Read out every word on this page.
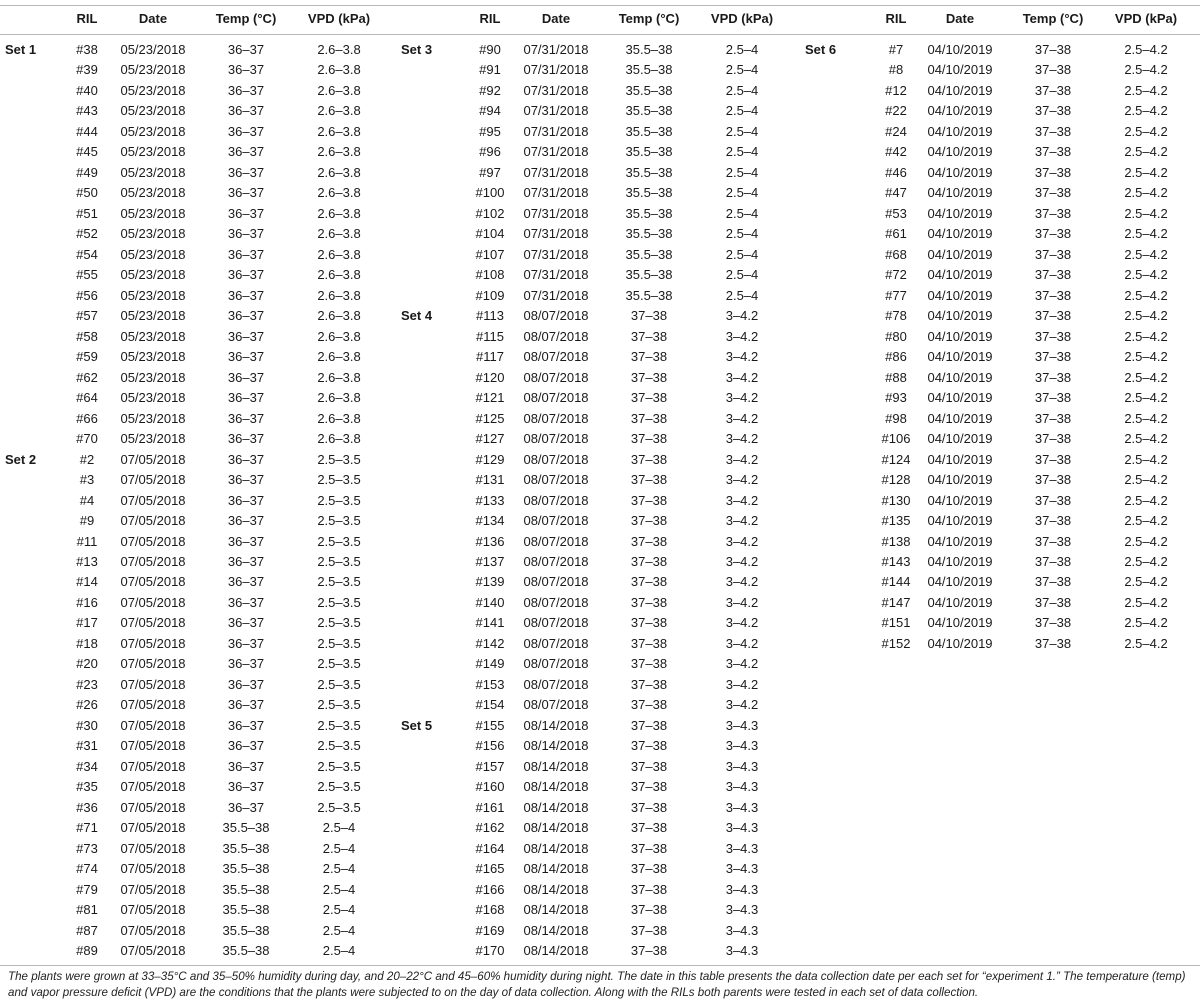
RIL	Date	Temp (°C) VPD (kPa)
Set 1	#38 05/23/2018	36–37	2.6–3.8
#39 05/23/2018	36–37	2.6–3.8
#40 05/23/2018	36–37	2.6–3.8
#43 05/23/2018	36–37	2.6–3.8
#44 05/23/2018	36–37	2.6–3.8
#45 05/23/2018	36–37	2.6–3.8
#49 05/23/2018	36–37	2.6–3.8
#50 05/23/2018	36–37	2.6–3.8
#51 05/23/2018	36–37	2.6–3.8
#52 05/23/2018	36–37	2.6–3.8
#54 05/23/2018	36–37	2.6–3.8
#55 05/23/2018	36–37	2.6–3.8
#56 05/23/2018	36–37	2.6–3.8
#57 05/23/2018	36–37	2.6–3.8
#58 05/23/2018	36–37	2.6–3.8
#59 05/23/2018	36–37	2.6–3.8
#62 05/23/2018	36–37	2.6–3.8
#64 05/23/2018	36–37	2.6–3.8
#66 05/23/2018	36–37	2.6–3.8
#70 05/23/2018	36–37	2.6–3.8
Set 2	#2 07/05/2018	36–37	2.5–3.5
#3 07/05/2018	36–37	2.5–3.5
#4 07/05/2018	36–37	2.5–3.5
#9 07/05/2018	36–37	2.5–3.5
#11 07/05/2018	36–37	2.5–3.5
#13 07/05/2018	36–37	2.5–3.5
#14 07/05/2018	36–37	2.5–3.5
#16 07/05/2018	36–37	2.5–3.5
#17 07/05/2018	36–37	2.5–3.5
#18 07/05/2018	36–37	2.5–3.5
#20 07/05/2018	36–37	2.5–3.5
#23 07/05/2018	36–37	2.5–3.5
#26 07/05/2018	36–37	2.5–3.5
#30 07/05/2018	36–37	2.5–3.5
#31 07/05/2018	36–37	2.5–3.5
#34 07/05/2018	36–37	2.5–3.5
#35 07/05/2018	36–37	2.5–3.5
#36 07/05/2018	36–37	2.5–3.5
#71 07/05/2018	35.5–38	2.5–4
#73 07/05/2018	35.5–38	2.5–4
#74 07/05/2018	35.5–38	2.5–4
#79 07/05/2018	35.5–38	2.5–4
#81 07/05/2018	35.5–38	2.5–4
#87 07/05/2018	35.5–38	2.5–4
#89 07/05/2018	35.5–38	2.5–4
RIL	Date	Temp (°C) VPD (kPa)
Set 3	#90 07/31/2018	35.5–38	2.5–4
#91 07/31/2018	35.5–38	2.5–4
#92 07/31/2018	35.5–38	2.5–4
#94 07/31/2018	35.5–38	2.5–4
#95 07/31/2018	35.5–38	2.5–4
#96 07/31/2018	35.5–38	2.5–4
#97 07/31/2018	35.5–38	2.5–4
#100 07/31/2018	35.5–38	2.5–4
#102 07/31/2018	35.5–38	2.5–4
#104 07/31/2018	35.5–38	2.5–4
#107 07/31/2018	35.5–38	2.5–4
#108 07/31/2018	35.5–38	2.5–4
#109 07/31/2018	35.5–38	2.5–4
Set 4	#113 08/07/2018	37–38	3–4.2
#115 08/07/2018	37–38	3–4.2
#117 08/07/2018	37–38	3–4.2
#120 08/07/2018	37–38	3–4.2
#121 08/07/2018	37–38	3–4.2
#125 08/07/2018	37–38	3–4.2
#127 08/07/2018	37–38	3–4.2
#129 08/07/2018	37–38	3–4.2
#131 08/07/2018	37–38	3–4.2
#133 08/07/2018	37–38	3–4.2
#134 08/07/2018	37–38	3–4.2
#136 08/07/2018	37–38	3–4.2
#137 08/07/2018	37–38	3–4.2
#139 08/07/2018	37–38	3–4.2
#140 08/07/2018	37–38	3–4.2
#141 08/07/2018	37–38	3–4.2
#142 08/07/2018	37–38	3–4.2
#149 08/07/2018	37–38	3–4.2
#153 08/07/2018	37–38	3–4.2
#154 08/07/2018	37–38	3–4.2
Set 5	#155 08/14/2018	37–38	3–4.3
#156 08/14/2018	37–38	3–4.3
#157 08/14/2018	37–38	3–4.3
#160 08/14/2018	37–38	3–4.3
#161 08/14/2018	37–38	3–4.3
#162 08/14/2018	37–38	3–4.3
#164 08/14/2018	37–38	3–4.3
#165 08/14/2018	37–38	3–4.3
#166 08/14/2018	37–38	3–4.3
#168 08/14/2018	37–38	3–4.3
#169 08/14/2018	37–38	3–4.3
#170 08/14/2018	37–38	3–4.3
RIL	Date	Temp (°C) VPD (kPa)
Set 6	#7 04/10/2019	37–38	2.5–4.2
#8 04/10/2019	37–38	2.5–4.2
#12 04/10/2019	37–38	2.5–4.2
#22 04/10/2019	37–38	2.5–4.2
#24 04/10/2019	37–38	2.5–4.2
#42 04/10/2019	37–38	2.5–4.2
#46 04/10/2019	37–38	2.5–4.2
#47 04/10/2019	37–38	2.5–4.2
#53 04/10/2019	37–38	2.5–4.2
#61 04/10/2019	37–38	2.5–4.2
#68 04/10/2019	37–38	2.5–4.2
#72 04/10/2019	37–38	2.5–4.2
#77 04/10/2019	37–38	2.5–4.2
#78 04/10/2019	37–38	2.5–4.2
#80 04/10/2019	37–38	2.5–4.2
#86 04/10/2019	37–38	2.5–4.2
#88 04/10/2019	37–38	2.5–4.2
#93 04/10/2019	37–38	2.5–4.2
#98 04/10/2019	37–38	2.5–4.2
#106 04/10/2019	37–38	2.5–4.2
#124 04/10/2019	37–38	2.5–4.2
#128 04/10/2019	37–38	2.5–4.2
#130 04/10/2019	37–38	2.5–4.2
#135 04/10/2019	37–38	2.5–4.2
#138 04/10/2019	37–38	2.5–4.2
#143 04/10/2019	37–38	2.5–4.2
#144 04/10/2019	37–38	2.5–4.2
#147 04/10/2019	37–38	2.5–4.2
#151 04/10/2019	37–38	2.5–4.2
#152 04/10/2019	37–38	2.5–4.2
The plants were grown at 33–35°C and 35–50% humidity during day, and 20–22°C and 45–60% humidity during night. The date in this table presents the data collection date per each set for “experiment 1.” The temperature (temp) and vapor pressure deficit (VPD) are the conditions that the plants were subjected to on the day of data collection. Along with the RILs both parents were tested in each set of data collection.
